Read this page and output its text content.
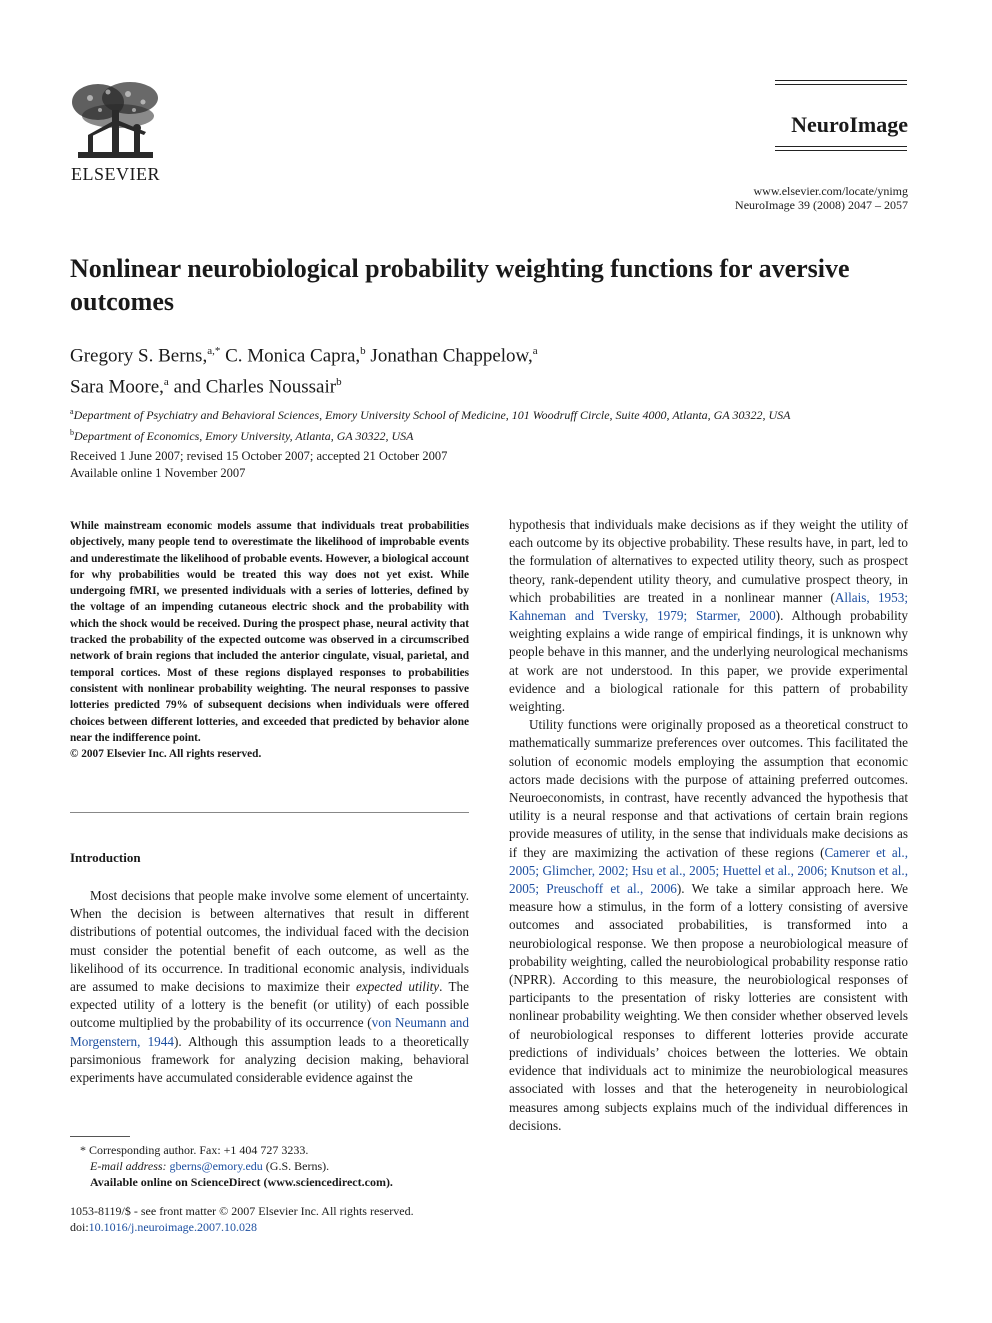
ELSEVIER
NeuroImage
www.elsevier.com/locate/ynimg
NeuroImage 39 (2008) 2047 – 2057
Nonlinear neurobiological probability weighting functions for aversive outcomes
Gregory S. Berns,$^{a,*}$ C. Monica Capra,$^b$ Jonathan Chappelow,$^a$
Sara Moore,$^a$ and Charles Noussair$^b$
$^a$Department of Psychiatry and Behavioral Sciences, Emory University School of Medicine, 101 Woodruff Circle, Suite 4000, Atlanta, GA 30322, USA
$^b$Department of Economics, Emory University, Atlanta, GA 30322, USA
Received 1 June 2007; revised 15 October 2007; accepted 21 October 2007
Available online 1 November 2007

While mainstream economic models assume that individuals treat probabilities objectively, many people tend to overestimate the likelihood of improbable events and underestimate the likelihood of probable events. However, a biological account for why probabilities would be treated this way does not yet exist. While undergoing fMRI, we presented individuals with a series of lotteries, defined by the voltage of an impending cutaneous electric shock and the probability with which the shock would be received. During the prospect phase, neural activity that tracked the probability of the expected outcome was observed in a circumscribed network of brain regions that included the anterior cingulate, visual, parietal, and temporal cortices. Most of these regions displayed responses to probabilities consistent with nonlinear probability weighting. The neural responses to passive lotteries predicted 79% of subsequent decisions when individuals were offered choices between different lotteries, and exceeded that predicted by behavior alone near the indifference point.

© 2007 Elsevier Inc. All rights reserved.

Introduction

Most decisions that people make involve some element of uncertainty. When the decision is between alternatives that result in different distributions of potential outcomes, the individual faced with the decision must consider the potential benefit of each outcome, as well as the likelihood of its occurrence. In traditional economic analysis, individuals are assumed to make decisions to maximize their expected utility. The expected utility of a lottery is the benefit (or utility) of each possible outcome multiplied by the probability of its occurrence (von Neumann and Morgenstern, 1944). Although this assumption leads to a theoretically parsimonious framework for analyzing decision making, behavioral experiments have accumulated considerable evidence against the

hypothesis that individuals make decisions as if they weight the utility of each outcome by its objective probability. These results have, in part, led to the formulation of alternatives to expected utility theory, such as prospect theory, rank-dependent utility theory, and cumulative prospect theory, in which probabilities are treated in a nonlinear manner (Allais, 1953; Kahneman and Tversky, 1979; Starmer, 2000). Although probability weighting explains a wide range of empirical findings, it is unknown why people behave in this manner, and the underlying neurological mechanisms at work are not understood. In this paper, we provide experimental evidence and a biological rationale for this pattern of probability weighting.

Utility functions were originally proposed as a theoretical construct to mathematically summarize preferences over outcomes. This facilitated the solution of economic models employing the assumption that economic actors made decisions with the purpose of attaining preferred outcomes. Neuroeconomists, in contrast, have recently advanced the hypothesis that utility is a neural response and that activations of certain brain regions provide measures of utility, in the sense that individuals make decisions as if they are maximizing the activation of these regions (Camerer et al., 2005; Glimcher, 2002; Hsu et al., 2005; Huettel et al., 2006; Knutson et al., 2005; Preuschoff et al., 2006). We take a similar approach here. We measure how a stimulus, in the form of a lottery consisting of aversive outcomes and associated probabilities, is transformed into a neurobiological response. We then propose a neurobiological measure of probability weighting, called the neurobiological probability response ratio (NPRR). According to this measure, the neurobiological responses of participants to the presentation of risky lotteries are consistent with nonlinear probability weighting. We then consider whether observed levels of neurobiological responses to different lotteries provide accurate predictions of individuals’ choices between the lotteries. We obtain evidence that individuals act to minimize the neurobiological measures associated with losses and that the heterogeneity in neurobiological measures among subjects explains much of the individual differences in decisions.

* Corresponding author. Fax: +1 404 727 3233.
E-mail address: gberns@emory.edu (G.S. Berns).
Available online on ScienceDirect (www.sciencedirect.com).
1053-8119/$ - see front matter © 2007 Elsevier Inc. All rights reserved.
doi:10.1016/j.neuroimage.2007.10.028
